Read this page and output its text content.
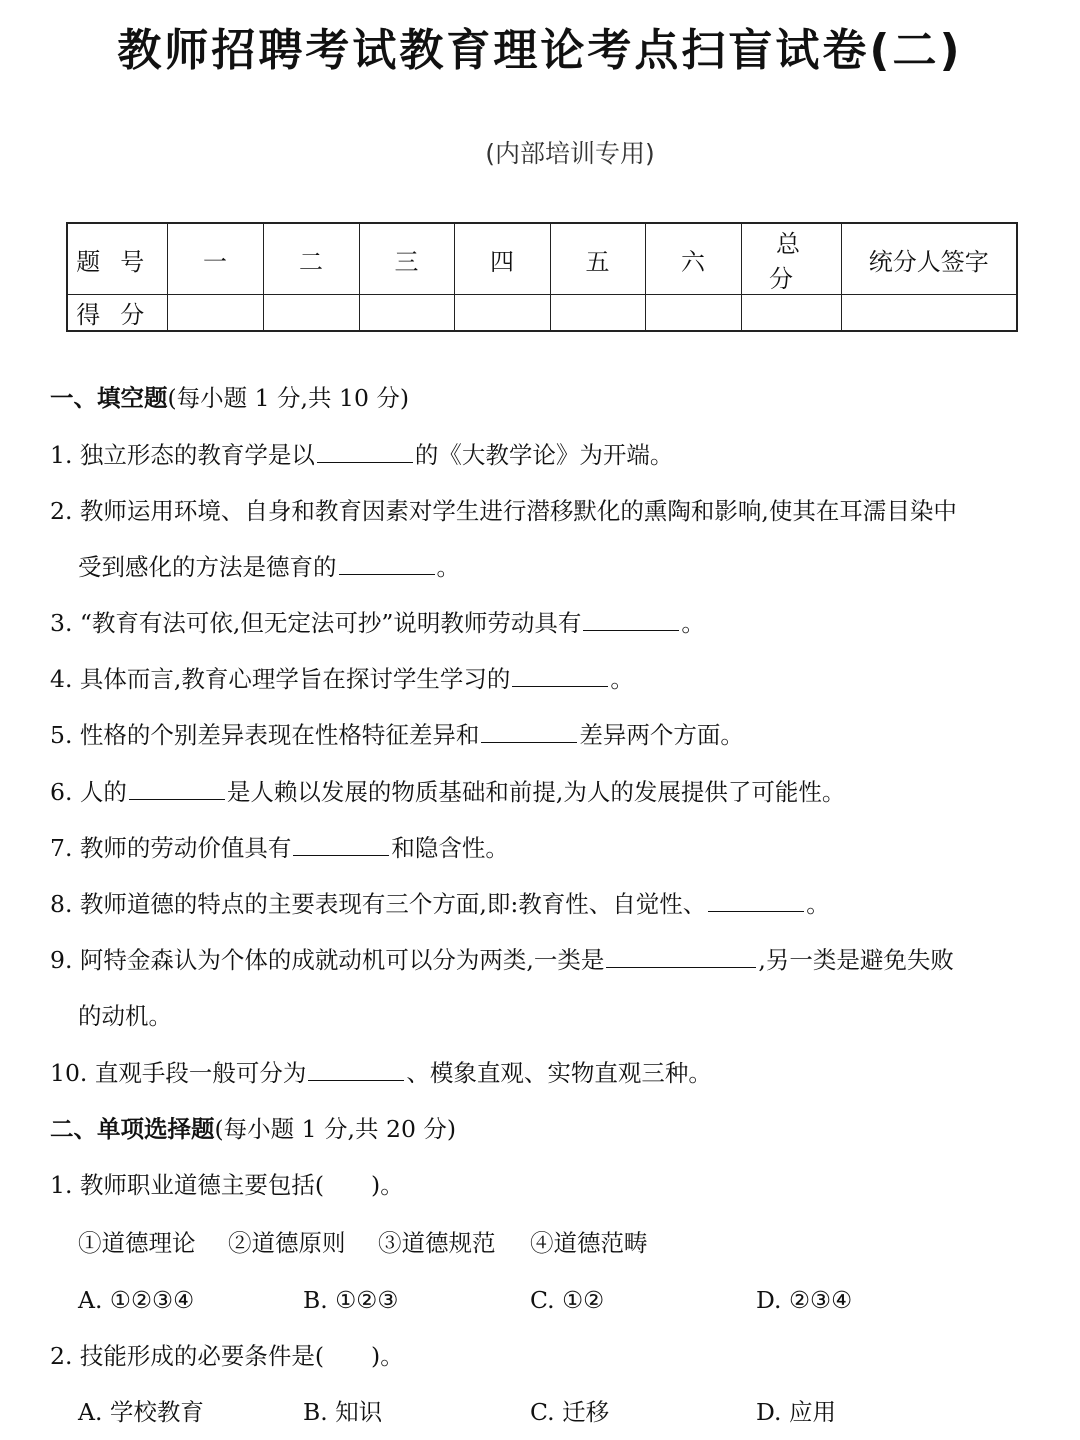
教师招聘考试教育理论考点扫盲试卷(二)
(内部培训专用)
题号	一	二	三	四	五	六	总分	统分人签字
得分								
一、填空题(每小题 1 分,共 10 分)
1. 独立形态的教育学是以	的《大教学论》为开端。
2. 教师运用环境、自身和教育因素对学生进行潜移默化的熏陶和影响,使其在耳濡目染中
受到感化的方法是德育的	。
3. “教育有法可依,但无定法可抄”说明教师劳动具有	。
4. 具体而言,教育心理学旨在探讨学生学习的	。
5. 性格的个别差异表现在性格特征差异和	差异两个方面。
6. 人的	是人赖以发展的物质基础和前提,为人的发展提供了可能性。
7. 教师的劳动价值具有	和隐含性。
8. 教师道德的特点的主要表现有三个方面,即:教育性、自觉性、	。
9. 阿特金森认为个体的成就动机可以分为两类,一类是	,另一类是避免失败
的动机。
10. 直观手段一般可分为	、模象直观、实物直观三种。
二、单项选择题(每小题 1 分,共 20 分)
1. 教师职业道德主要包括(　　)。
①道德理论 ②道德原则 ③道德规范 ④道德范畴
A. ①②③④	B. ①②③	C. ①②	D. ②③④
2. 技能形成的必要条件是(　　)。
A. 学校教育	B. 知识	C. 迁移	D. 应用
